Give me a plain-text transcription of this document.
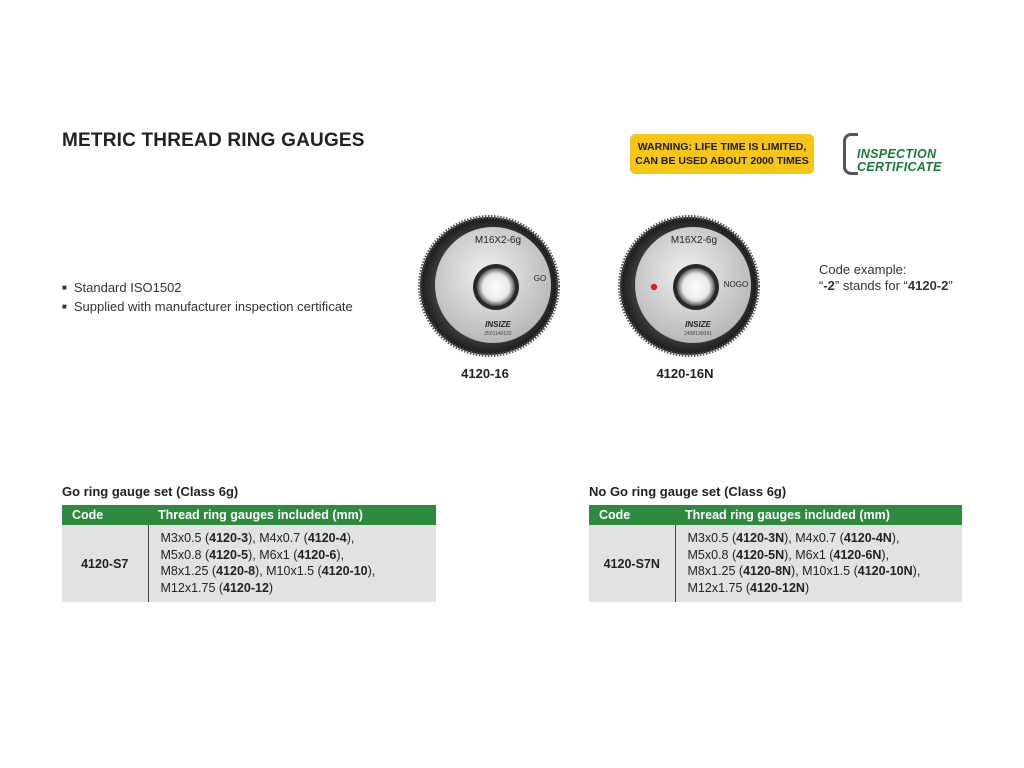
METRIC THREAD RING GAUGES	WARNING: LIFE TIME IS LIMITED,
CAN BE USED ABOUT 2000 TIMES	INSPECTION
CERTIFICATE
■ Standard ISO1502
■ Supplied with manufacturer inspection certificate
Code example:
“-2” stands for “4120-2”
M16X2-6g
GO
INSIZE
2501140122
4120-16
M16X2-6g
NOGO
INSIZE
2408130091
4120-16N
Go ring gauge set (Class 6g)
Code	Thread ring gauges included (mm)
4120-S7	M3x0.5 (4120-3), M4x0.7 (4120-4),
M5x0.8 (4120-5), M6x1 (4120-6),
M8x1.25 (4120-8), M10x1.5 (4120-10),
M12x1.75 (4120-12)
No Go ring gauge set (Class 6g)
Code	Thread ring gauges included (mm)
4120-S7N	M3x0.5 (4120-3N), M4x0.7 (4120-4N),
M5x0.8 (4120-5N), M6x1 (4120-6N),
M8x1.25 (4120-8N), M10x1.5 (4120-10N),
M12x1.75 (4120-12N)
